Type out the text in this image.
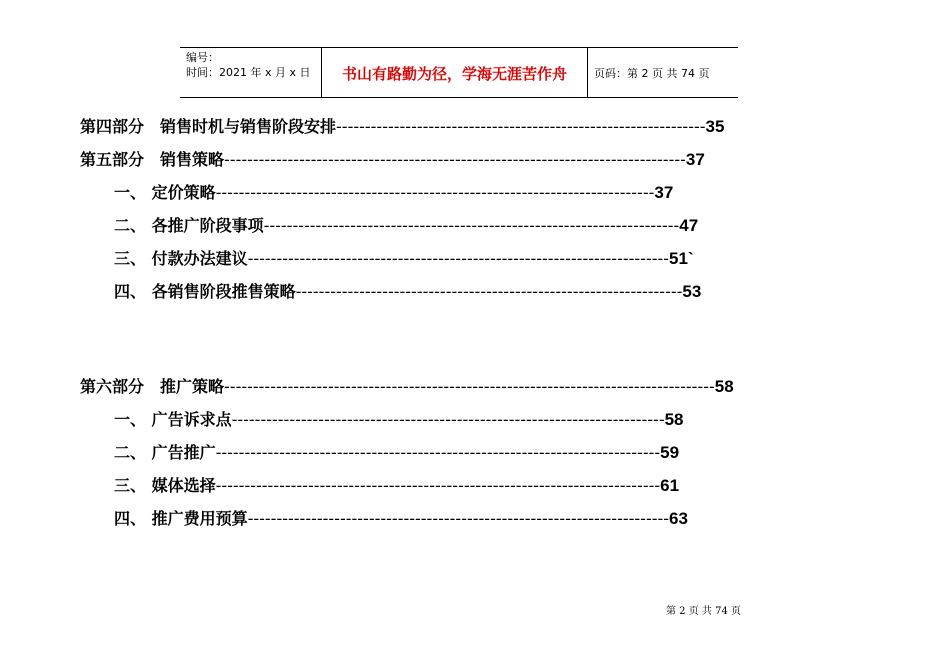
编号：
时间：2021 年 x 月 x 日	书山有路勤为径，学海无涯苦作舟	页码：第 2 页 共 74 页
第四部分　销售时机与销售阶段安排----------------------------------------------------------------35
第五部分　销售策略--------------------------------------------------------------------------------37
一、 定价策略----------------------------------------------------------------------------37
二、 各推广阶段事项------------------------------------------------------------------------47
三、 付款办法建议-------------------------------------------------------------------------51`
四、 各销售阶段推售策略-------------------------------------------------------------------53
第六部分　推广策略-------------------------------------------------------------------------------------58
一、 广告诉求点---------------------------------------------------------------------------58
二、 广告推广-----------------------------------------------------------------------------59
三、 媒体选择-----------------------------------------------------------------------------61
四、 推广费用预算-------------------------------------------------------------------------63
第 2 页 共 74 页
